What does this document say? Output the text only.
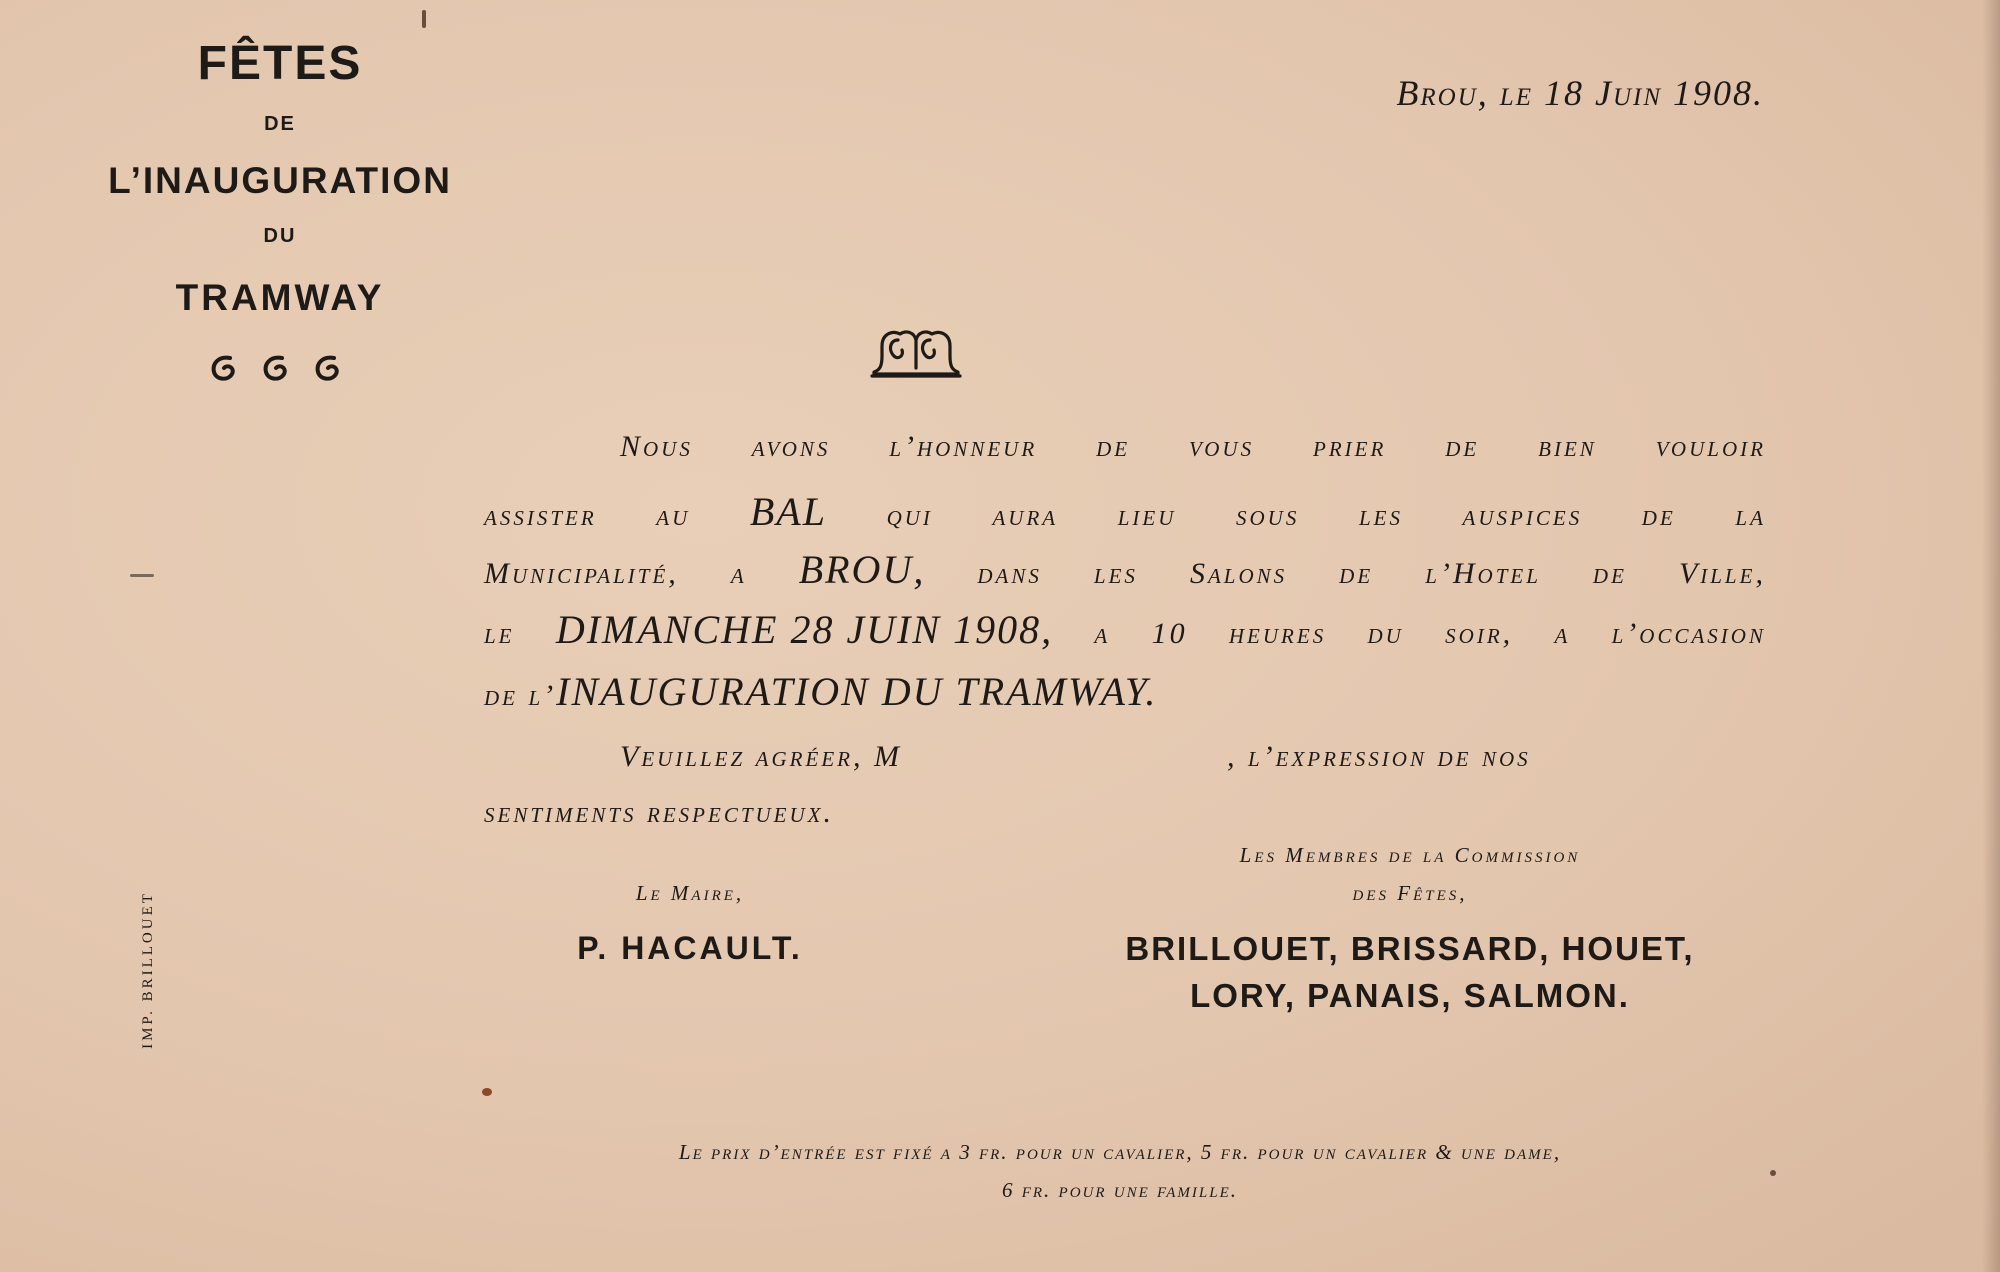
FÊTES
DE
L’INAUGURATION
DU
TRAMWAY
Brou, le 18 Juin 1908.
Nous avons l’honneur de vous prier de bien vouloir
assister au BAL qui aura lieu sous les auspices de la
Municipalité, a BROU, dans les Salons de l’Hotel de Ville,
le DIMANCHE 28 JUIN 1908, a 10 heures du soir, a l’occasion
de l’ INAUGURATION DU TRAMWAY.
Veuillez agréer, M	, l’expression de nos
sentiments respectueux.
Les Membres de la Commission
des Fêtes,
Le Maire,
P. HACAULT.	BRILLOUET, BRISSARD, HOUET,
LORY, PANAIS, SALMON.
IMP. BRILLOUET
Le prix d’entrée est fixé a 3 fr. pour un cavalier, 5 fr. pour un cavalier & une dame,
6 fr. pour une famille.
